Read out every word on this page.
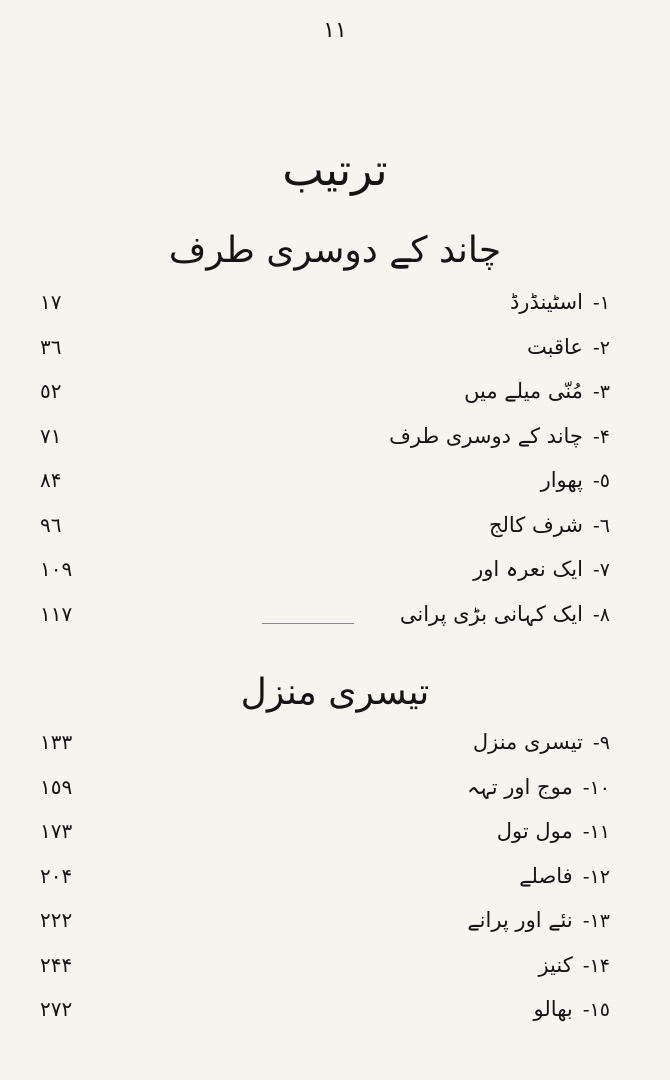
١١
ترتیب
چاند کے دوسری طرف
١-اسٹینڈرڈ
١٧
٢-عاقبت
٣٦
٣-مُنّی میلے میں
٥٢
۴-چاند کے دوسری طرف
٧١
٥-پھوار
٨۴
٦-شرف کالج
٩٦
٧-ایک نعرہ اور
١٠٩
٨-ایک کہانی بڑی پرانی
١١٧
تیسری منزل
٩-تیسری منزل
١٣٣
١٠-موج اور تہہ
١٥٩
١١-مول تول
١٧٣
١٢-فاصلے
٢٠۴
١٣-نئے اور پرانے
٢٢٢
١۴-کنیز
٢۴۴
١٥-بھالو
٢٧٢
